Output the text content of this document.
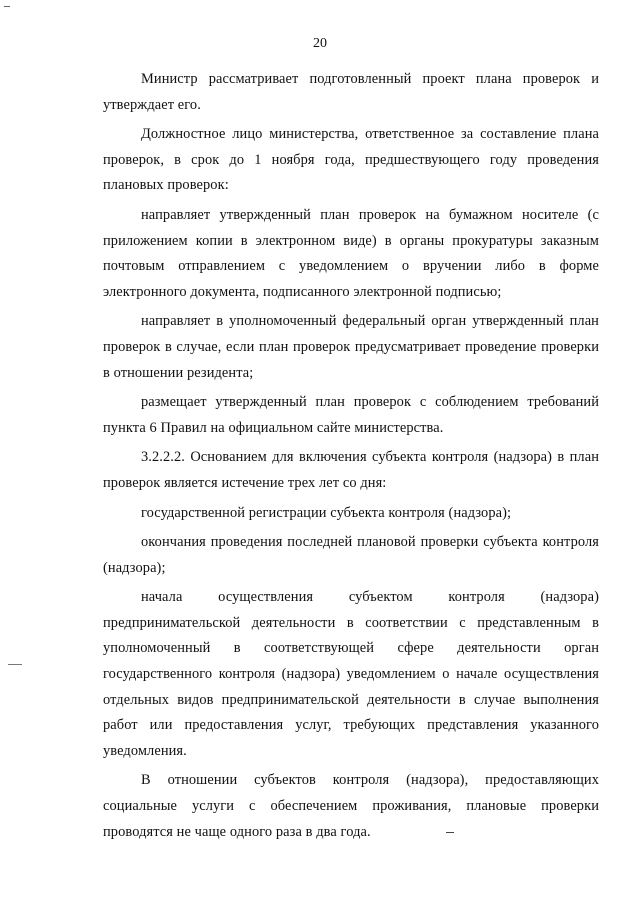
20

Министр рассматривает подготовленный проект плана проверок и утверждает его.

Должностное лицо министерства, ответственное за составление плана проверок, в срок до 1 ноября года, предшествующего году проведения плановых проверок:

направляет утвержденный план проверок на бумажном носителе (с приложением копии в электронном виде) в органы прокуратуры заказным почтовым отправлением с уведомлением о вручении либо в форме электронного документа, подписанного электронной подписью;

направляет в уполномоченный федеральный орган утвержденный план проверок в случае, если план проверок предусматривает проведение проверки в отношении резидента;

размещает утвержденный план проверок с соблюдением требований пункта 6 Правил на официальном сайте министерства.

3.2.2.2. Основанием для включения субъекта контроля (надзора) в план проверок является истечение трех лет со дня:

государственной регистрации субъекта контроля (надзора);

окончания проведения последней плановой проверки субъекта контроля (надзора);

начала осуществления субъектом контроля (надзора) предпринимательской деятельности в соответствии с представленным в уполномоченный в соответствующей сфере деятельности орган государственного контроля (надзора) уведомлением о начале осуществления отдельных видов предпринимательской деятельности в случае выполнения работ или предоставления услуг, требующих представления указанного уведомления.

В отношении субъектов контроля (надзора), предоставляющих социальные услуги с обеспечением проживания, плановые проверки проводятся не чаще одного раза в два года.
